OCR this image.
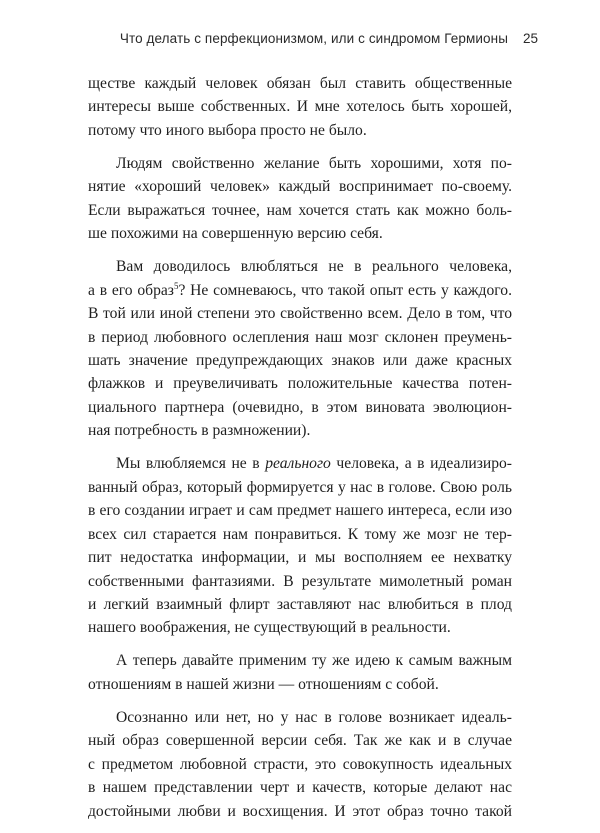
Что делать с перфекционизмом, или с синдромом Гермионы 25

ществе каждый человек обязан был ставить общественные
интересы выше собственных. И мне хотелось быть хорошей,
потому что иного выбора просто не было.

Людям свойственно желание быть хорошими, хотя по-
нятие «хороший человек» каждый воспринимает по-своему.
Если выражаться точнее, нам хочется стать как можно боль-
ше похожими на совершенную версию себя.

Вам доводилось влюбляться не в реального человека,
а в его образ$^5$? Не сомневаюсь, что такой опыт есть у каждого.
В той или иной степени это свойственно всем. Дело в том, что
в период любовного ослепления наш мозг склонен преумень-
шать значение предупреждающих знаков или даже красных
флажков и преувеличивать положительные качества потен-
циального партнера (очевидно, в этом виновата эволюцион-
ная потребность в размножении).

Мы влюбляемся не в реального человека, а в идеализиро-
ванный образ, который формируется у нас в голове. Свою роль
в его создании играет и сам предмет нашего интереса, если изо
всех сил старается нам понравиться. К тому же мозг не тер-
пит недостатка информации, и мы восполняем ее нехватку
собственными фантазиями. В результате мимолетный роман
и легкий взаимный флирт заставляют нас влюбиться в плод
нашего воображения, не существующий в реальности.

А теперь давайте применим ту же идею к самым важным
отношениям в нашей жизни — отношениям с собой.

Осознанно или нет, но у нас в голове возникает идеаль-
ный образ совершенной версии себя. Так же как и в случае
с предметом любовной страсти, это совокупность идеальных
в нашем представлении черт и качеств, которые делают нас
достойными любви и восхищения. И этот образ точно такой
